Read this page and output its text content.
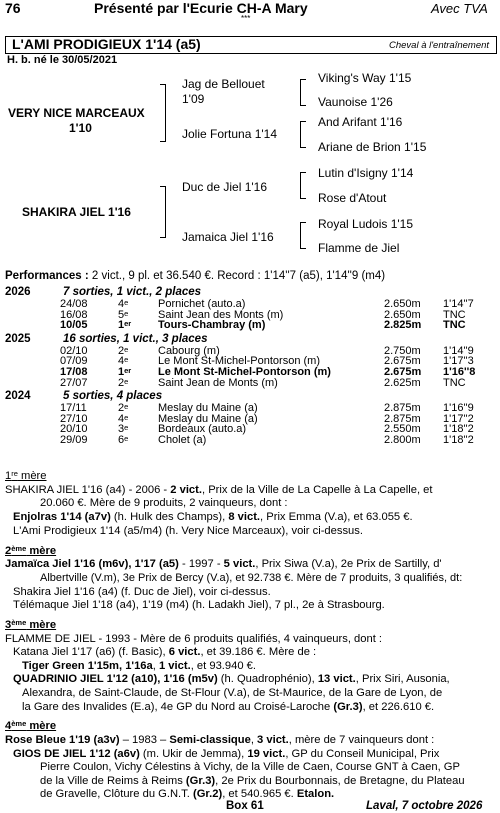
76	Présenté par l'Ecurie CH-A Mary
***
Avec TVA
L'AMI PRODIGIEUX 1'14 (a5)	Cheval à l'entraînement
H. b. né le 30/05/2021
VERY NICE MARCEAUX
1'10
SHAKIRA JIEL 1'16
Jag de Bellouet
1'09
Jolie Fortuna 1'14
Duc de Jiel 1'16
Jamaica Jiel 1'16
Viking's Way 1'15
Vaunoise 1'26
And Arifant 1'16
Ariane de Brion 1'15
Lutin d'Isigny 1'14
Rose d'Atout
Royal Ludois 1'15
Flamme de Jiel
Performances : 2 vict., 9 pl. et 36.540 €. Record : 1'14''7 (a5), 1'14''9 (m4)
2026	7 sorties, 1 vict., 2 places
24/08	4e	Pornichet (auto.a)	2.650m	1'14''7
16/08	5e	Saint Jean des Monts (m)	2.650m	TNC
10/05	1er	Tours-Chambray (m)	2.825m	TNC
2025	16 sorties, 1 vict., 3 places
02/10	2e	Cabourg (m)	2.750m	1'14''9
07/09	4e	Le Mont St-Michel-Pontorson (m)	2.675m	1'17''3
17/08	1er	Le Mont St-Michel-Pontorson (m)	2.675m	1'16''8
27/07	2e	Saint Jean de Monts (m)	2.625m	TNC
2024	5 sorties, 4 places
17/11	2e	Meslay du Maine (a)	2.875m	1'16''9
27/10	4e	Meslay du Maine (a)	2.875m	1'17''2
20/10	3e	Bordeaux (auto.a)	2.550m	1'18''2
29/09	6e	Cholet (a)	2.800m	1'18''2
1re mère
SHAKIRA JIEL 1'16 (a4) - 2006 - 2 vict., Prix de la Ville de La Capelle à La Capelle, et
20.060 €. Mère de 9 produits, 2 vainqueurs, dont :
Enjolras 1'14 (a7v) (h. Hulk des Champs), 8 vict., Prix Emma (V.a), et 63.055 €.
L'Ami Prodigieux 1'14 (a5/m4) (h. Very Nice Marceaux), voir ci-dessus.
2ème mère
Jamaïca Jiel 1'16 (m6v), 1'17 (a5) - 1997 - 5 vict., Prix Siwa (V.a), 2e Prix de Sartilly, d'
Albertville (V.m), 3e Prix de Bercy (V.a), et 92.738 €. Mère de 7 produits, 3 qualifiés, dt:
Shakira Jiel 1'16 (a4) (f. Duc de Jiel), voir ci-dessus.
Télémaque Jiel 1'18 (a4), 1'19 (m4) (h. Ladakh Jiel), 7 pl., 2e à Strasbourg.
3ème mère
FLAMME DE JIEL - 1993 - Mère de 6 produits qualifiés, 4 vainqueurs, dont :
Katana Jiel 1'17 (a6) (f. Basic), 6 vict., et 39.186 €. Mère de :
Tiger Green 1'15m, 1'16a, 1 vict., et 93.940 €.
QUADRINIO JIEL 1'12 (a10), 1'16 (m5v) (h. Quadrophénio), 13 vict., Prix Siri, Ausonia,
Alexandra, de Saint-Claude, de St-Flour (V.a), de St-Maurice, de la Gare de Lyon, de
la Gare des Invalides (E.a), 4e GP du Nord au Croisé-Laroche (Gr.3), et 226.610 €.
4ème mère
Rose Bleue 1'19 (a3v) – 1983 – Semi-classique, 3 vict., mère de 7 vainqueurs dont :
GIOS DE JIEL 1'12 (a6v) (m. Ukir de Jemma), 19 vict., GP du Conseil Municipal, Prix
Pierre Coulon, Vichy Célestins à Vichy, de la Ville de Caen, Course GNT à Caen, GP
de la Ville de Reims à Reims (Gr.3), 2e Prix du Bourbonnais, de Bretagne, du Plateau
de Gravelle, Clôture du G.N.T. (Gr.2), et 540.965 €. Etalon.
Box 61	Laval, 7 octobre 2026
